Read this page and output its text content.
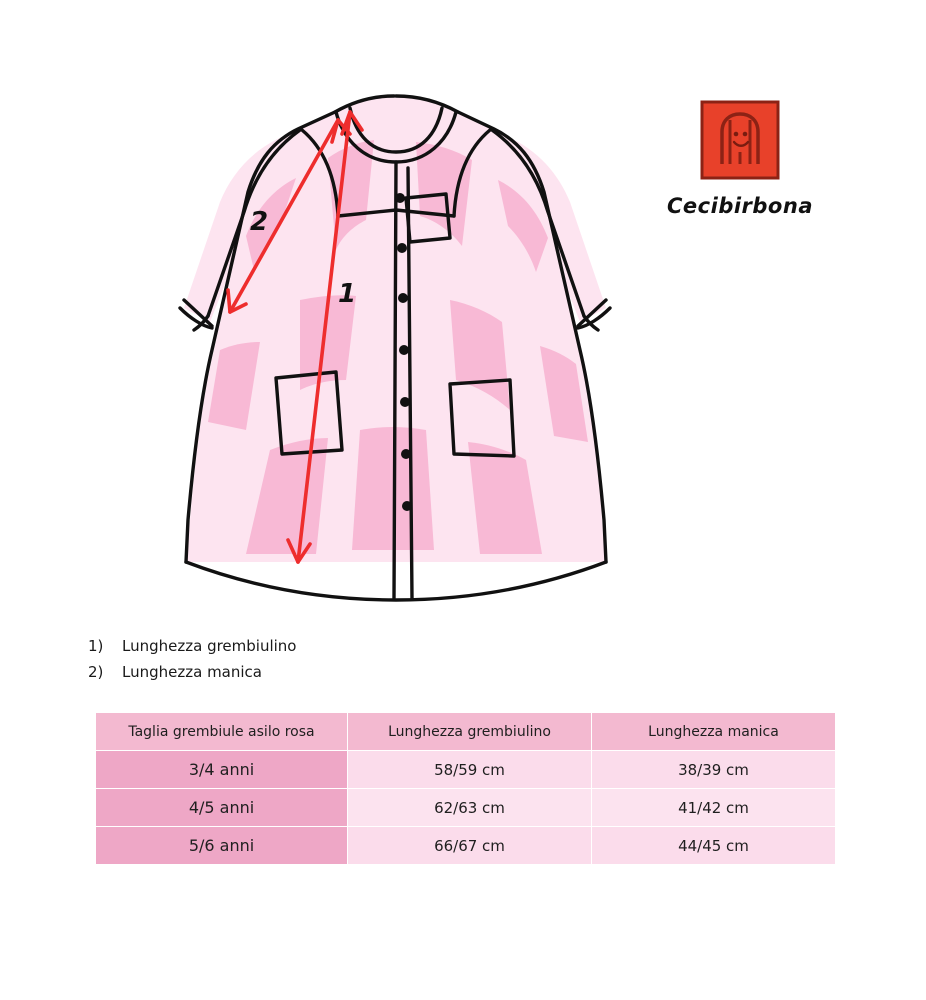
1
2
Cecibirbona
1)	Lunghezza grembiulino
2)	Lunghezza manica
Taglia grembiule asilo rosa	Lunghezza grembiulino	Lunghezza manica
3/4 anni	58/59 cm	38/39 cm
4/5 anni	62/63 cm	41/42 cm
5/6 anni	66/67 cm	44/45 cm
